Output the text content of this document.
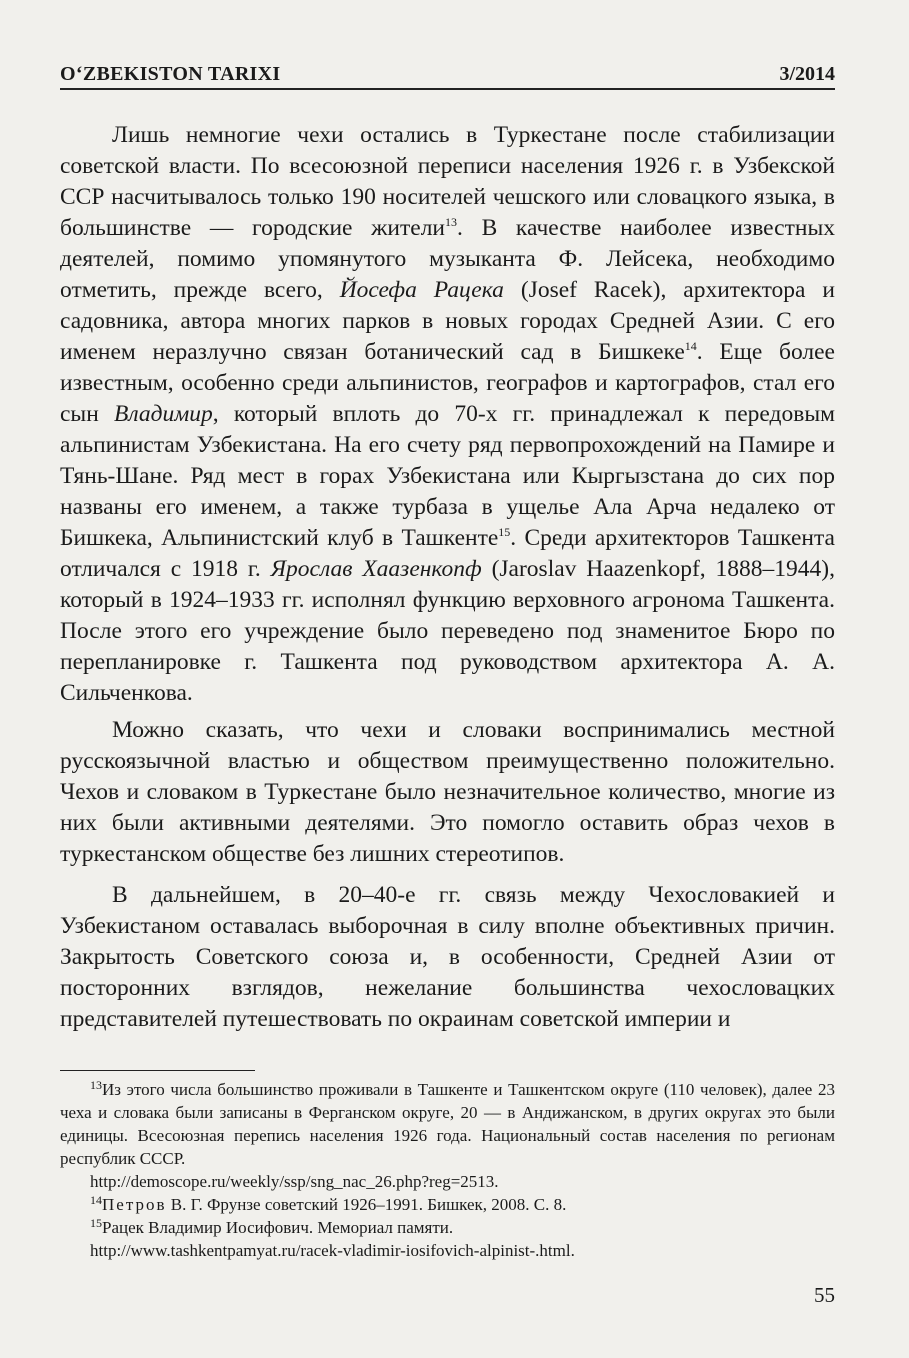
O‘ZBEKISTON TARIXI	3/2014

Лишь немногие чехи остались в Туркестане после стабилизации советской власти. По всесоюзной переписи населения 1926 г. в Узбекской ССР насчитывалось только 190 носителей чешского или словацкого языка, в большинстве — городские жители$^{13}$. В качестве наиболее известных деятелей, помимо упомянутого музыканта Ф. Лейсека, необходимо отметить, прежде всего, Йосефа Рацека (Josef Racek), архитектора и садовника, автора многих парков в новых городах Средней Азии. С его именем неразлучно связан ботанический сад в Бишкеке$^{14}$. Еще более известным, особенно среди альпинистов, географов и картографов, стал его сын Владимир, который вплоть до 70-х гг. принадлежал к передовым альпинистам Узбекистана. На его счету ряд первопрохождений на Памире и Тянь-Шане. Ряд мест в горах Узбекистана или Кыргызстана до сих пор названы его именем, а также турбаза в ущелье Ала Арча недалеко от Бишкека, Альпинистский клуб в Ташкенте$^{15}$. Среди архитекторов Ташкента отличался с 1918 г. Ярослав Хаазенкопф (Jaroslav Haazenkopf, 1888–1944), который в 1924–1933 гг. исполнял функцию верховного агронома Ташкента. После этого его учреждение было переведено под знаменитое Бюро по перепланировке г. Ташкента под руководством архитектора А. А. Сильченкова.

Можно сказать, что чехи и словаки воспринимались местной русскоязычной властью и обществом преимущественно положительно. Чехов и словаком в Туркестане было незначительное количество, многие из них были активными деятелями. Это помогло оставить образ чехов в туркестанском обществе без лишних стереотипов.

В дальнейшем, в 20–40-е гг. связь между Чехословакией и Узбекистаном оставалась выборочная в силу вполне объективных причин. Закрытость Советского союза и, в особенности, Средней Азии от посторонних взглядов, нежелание большинства чехословацких представителей путешествовать по окраинам советской империи и

$^{13}$Из этого числа большинство проживали в Ташкенте и Ташкентском округе (110 человек), далее 23 чеха и словака были записаны в Ферганском округе, 20 — в Андижанском, в других округах это были единицы. Всесоюзная перепись населения 1926 года. Национальный состав населения по регионам республик СССР.
http://demoscope.ru/weekly/ssp/sng_nac_26.php?reg=2513.

$^{14}$Петров В. Г. Фрунзе советский 1926–1991. Бишкек, 2008. С. 8.

$^{15}$Рацек Владимир Иосифович. Мемориал памяти.
http://www.tashkentpamyat.ru/racek-vladimir-iosifovich-alpinist-.html.

55
